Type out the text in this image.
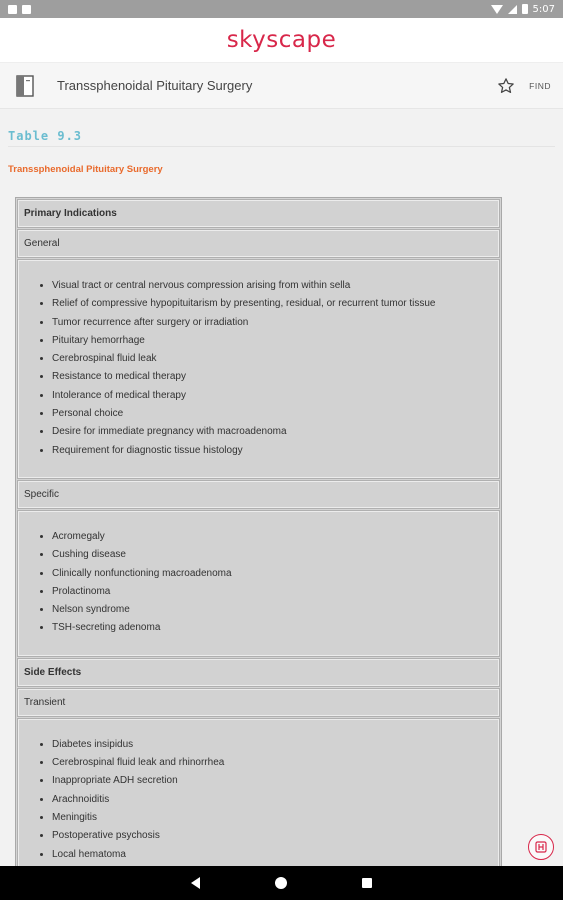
5:07
skyscape
Transsphenoidal Pituitary Surgery	FIND
Table 9.3
Transsphenoidal Pituitary Surgery
Primary Indications
General
• Visual tract or central nervous compression arising from within sella
• Relief of compressive hypopituitarism by presenting, residual, or recurrent tumor tissue
• Tumor recurrence after surgery or irradiation
• Pituitary hemorrhage
• Cerebrospinal fluid leak
• Resistance to medical therapy
• Intolerance of medical therapy
• Personal choice
• Desire for immediate pregnancy with macroadenoma
• Requirement for diagnostic tissue histology
Specific
• Acromegaly
• Cushing disease
• Clinically nonfunctioning macroadenoma
• Prolactinoma
• Nelson syndrome
• TSH-secreting adenoma
Side Effects
Transient
• Diabetes insipidus
• Cerebrospinal fluid leak and rhinorrhea
• Inappropriate ADH secretion
• Arachnoiditis
• Meningitis
• Postoperative psychosis
• Local hematoma
